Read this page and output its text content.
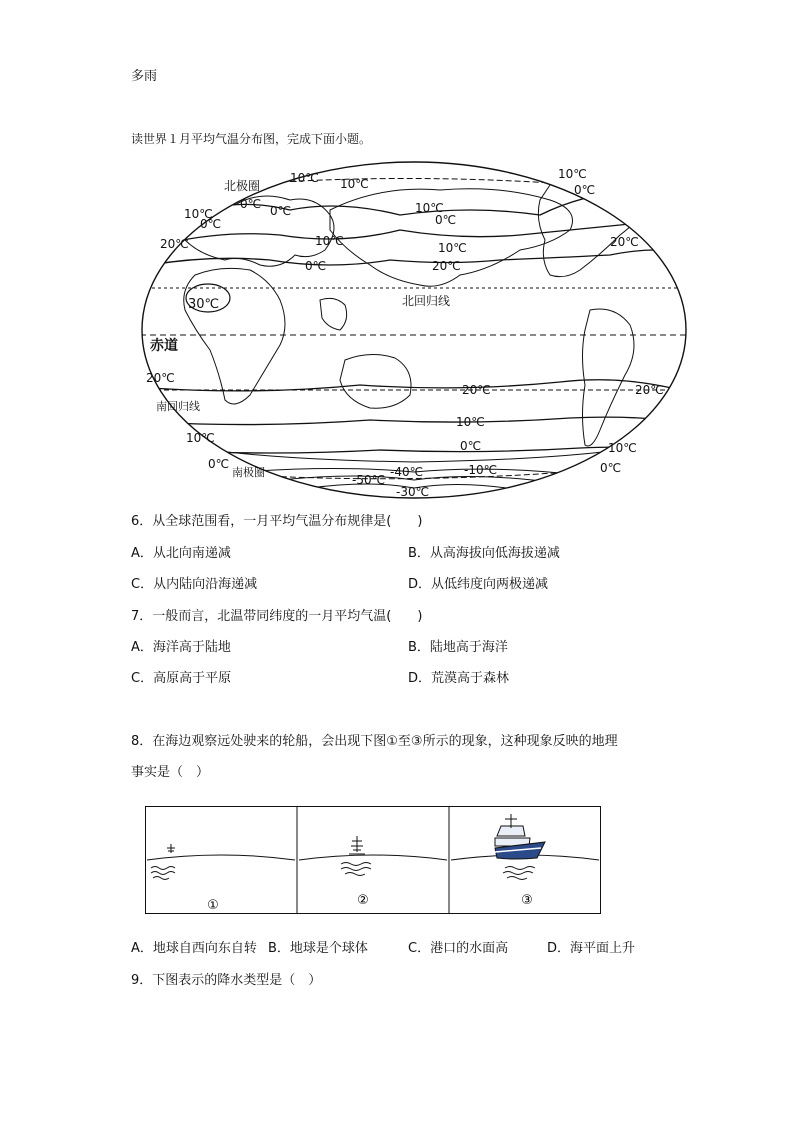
多雨
读世界１月平均气温分布图，完成下面小题。
北极圈
赤道
北回归线
南回归线
南极圈
10℃
0℃
10℃
0℃
10℃
20℃
0℃
10℃
0℃
10℃
20℃
10℃
0℃
20℃
30℃
10℃
0℃
20℃
20℃	20℃
10℃
10℃
10℃
0℃
0℃
0℃
-10℃
-50℃
-40℃
-30℃
6．从全球范围看，一月平均气温分布规律是(　　)
A．从北向南递减	B．从高海拔向低海拔递减
C．从内陆向沿海递减	D．从低纬度向两极递减
7．一般而言，北温带同纬度的一月平均气温(　　)
A．海洋高于陆地	B．陆地高于海洋
C．高原高于平原	D．荒漠高于森林
8．在海边观察远处驶来的轮船，会出现下图①至③所示的现象，这种现象反映的地理
事实是（　）
①	②	③
A．地球自西向东自转 B．地球是个球体	C．港口的水面高	D．海平面上升
9．下图表示的降水类型是（　）
